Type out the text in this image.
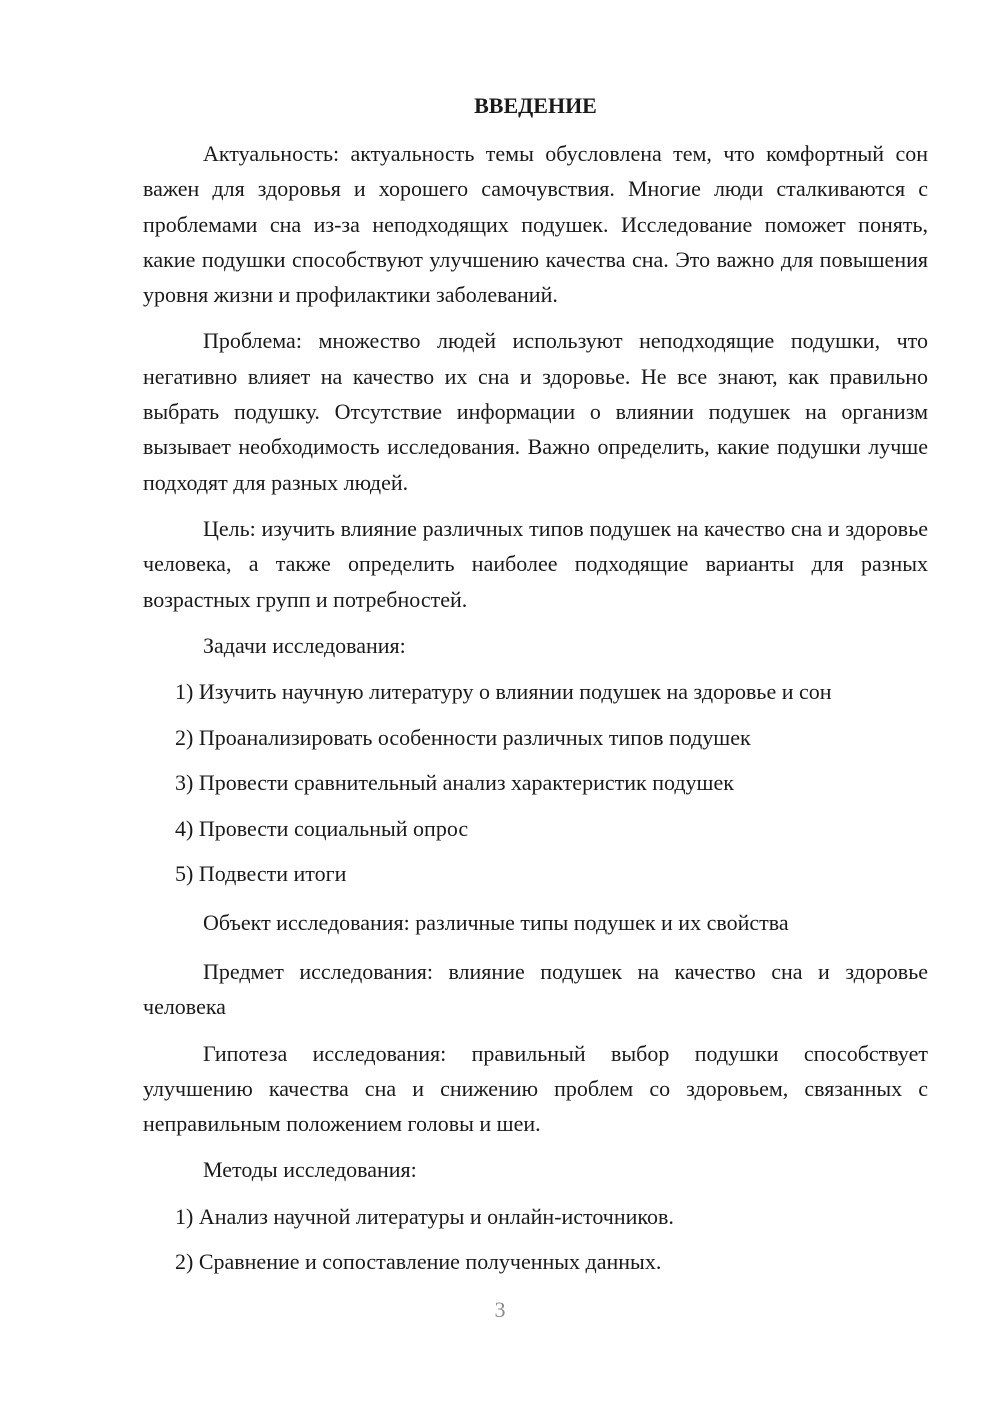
ВВЕДЕНИЕ

Актуальность: актуальность темы обусловлена тем, что комфортный сон важен для здоровья и хорошего самочувствия. Многие люди сталкиваются с проблемами сна из-за неподходящих подушек. Исследование поможет понять, какие подушки способствуют улучшению качества сна. Это важно для повышения уровня жизни и профилактики заболеваний.

Проблема: множество людей используют неподходящие подушки, что негативно влияет на качество их сна и здоровье. Не все знают, как правильно выбрать подушку. Отсутствие информации о влиянии подушек на организм вызывает необходимость исследования. Важно определить, какие подушки лучше подходят для разных людей.

Цель: изучить влияние различных типов подушек на качество сна и здоровье человека, а также определить наиболее подходящие варианты для разных возрастных групп и потребностей.

Задачи исследования:

1) Изучить научную литературу о влиянии подушек на здоровье и сон
2) Проанализировать особенности различных типов подушек
3) Провести сравнительный анализ характеристик подушек
4) Провести социальный опрос
5) Подвести итоги

Объект исследования: различные типы подушек и их свойства

Предмет исследования: влияние подушек на качество сна и здоровье человека

Гипотеза исследования: правильный выбор подушки способствует улучшению качества сна и снижению проблем со здоровьем, связанных с неправильным положением головы и шеи.

Методы исследования:

1) Анализ научной литературы и онлайн-источников.
2) Сравнение и сопоставление полученных данных.
3
